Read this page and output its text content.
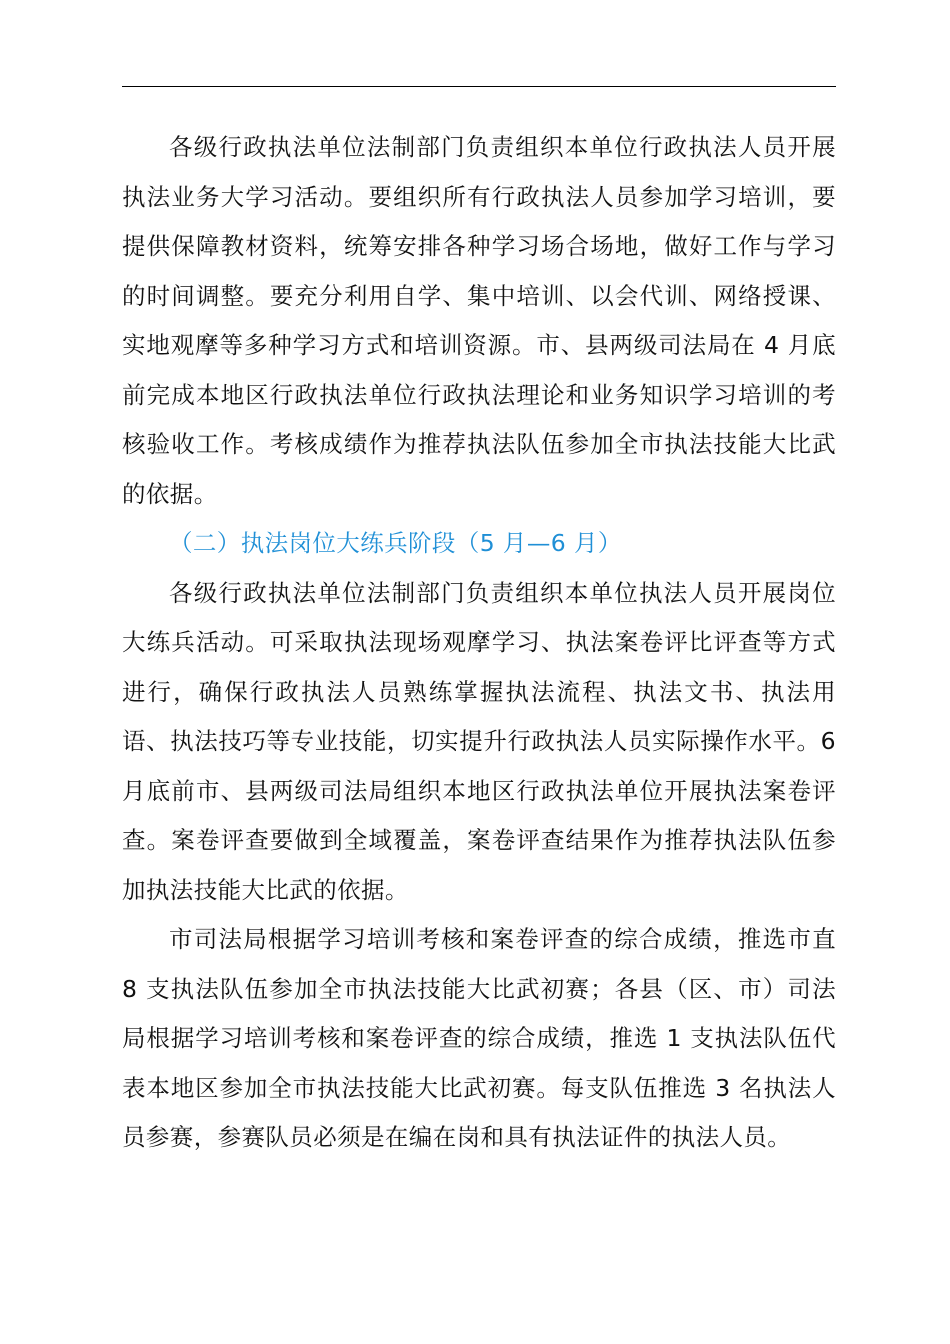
各级行政执法单位法制部门负责组织本单位行政执法人员开展执法业务大学习活动。要组织所有行政执法人员参加学习培训，要提供保障教材资料，统筹安排各种学习场合场地，做好工作与学习的时间调整。要充分利用自学、集中培训、以会代训、网络授课、实地观摩等多种学习方式和培训资源。市、县两级司法局在 4 月底前完成本地区行政执法单位行政执法理论和业务知识学习培训的考核验收工作。考核成绩作为推荐执法队伍参加全市执法技能大比武的依据。

（二）执法岗位大练兵阶段（5 月—6 月）

各级行政执法单位法制部门负责组织本单位执法人员开展岗位大练兵活动。可采取执法现场观摩学习、执法案卷评比评查等方式进行，确保行政执法人员熟练掌握执法流程、执法文书、执法用语、执法技巧等专业技能，切实提升行政执法人员实际操作水平。6 月底前市、县两级司法局组织本地区行政执法单位开展执法案卷评查。案卷评查要做到全域覆盖，案卷评查结果作为推荐执法队伍参加执法技能大比武的依据。

市司法局根据学习培训考核和案卷评查的综合成绩，推选市直 8 支执法队伍参加全市执法技能大比武初赛；各县（区、市）司法局根据学习培训考核和案卷评查的综合成绩，推选 1 支执法队伍代表本地区参加全市执法技能大比武初赛。每支队伍推选 3 名执法人员参赛，参赛队员必须是在编在岗和具有执法证件的执法人员。
